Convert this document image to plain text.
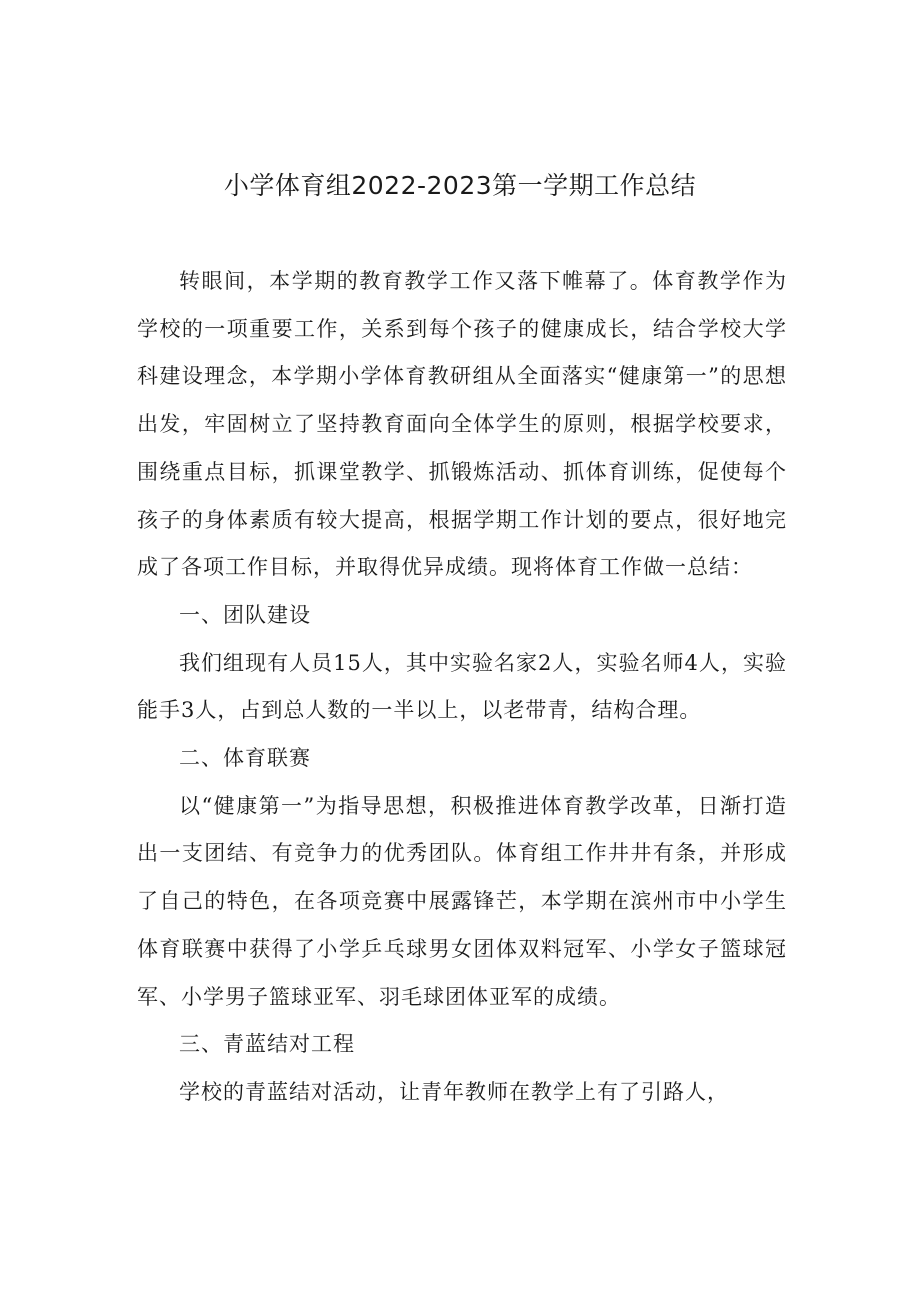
小学体育组2022-2023第一学期工作总结

转眼间，本学期的教育教学工作又落下帷幕了。体育教学作为学校的一项重要工作，关系到每个孩子的健康成长，结合学校大学科建设理念，本学期小学体育教研组从全面落实“健康第一”的思想出发，牢固树立了坚持教育面向全体学生的原则，根据学校要求，围绕重点目标，抓课堂教学、抓锻炼活动、抓体育训练，促使每个孩子的身体素质有较大提高，根据学期工作计划的要点，很好地完成了各项工作目标，并取得优异成绩。现将体育工作做一总结：

一、团队建设

我们组现有人员15人，其中实验名家2人，实验名师4人，实验能手3人，占到总人数的一半以上，以老带青，结构合理。

二、体育联赛

以“健康第一”为指导思想，积极推进体育教学改革，日渐打造出一支团结、有竞争力的优秀团队。体育组工作井井有条，并形成了自己的特色，在各项竞赛中展露锋芒，本学期在滨州市中小学生体育联赛中获得了小学乒乓球男女团体双料冠军、小学女子篮球冠军、小学男子篮球亚军、羽毛球团体亚军的成绩。

三、青蓝结对工程

学校的青蓝结对活动，让青年教师在教学上有了引路人，
